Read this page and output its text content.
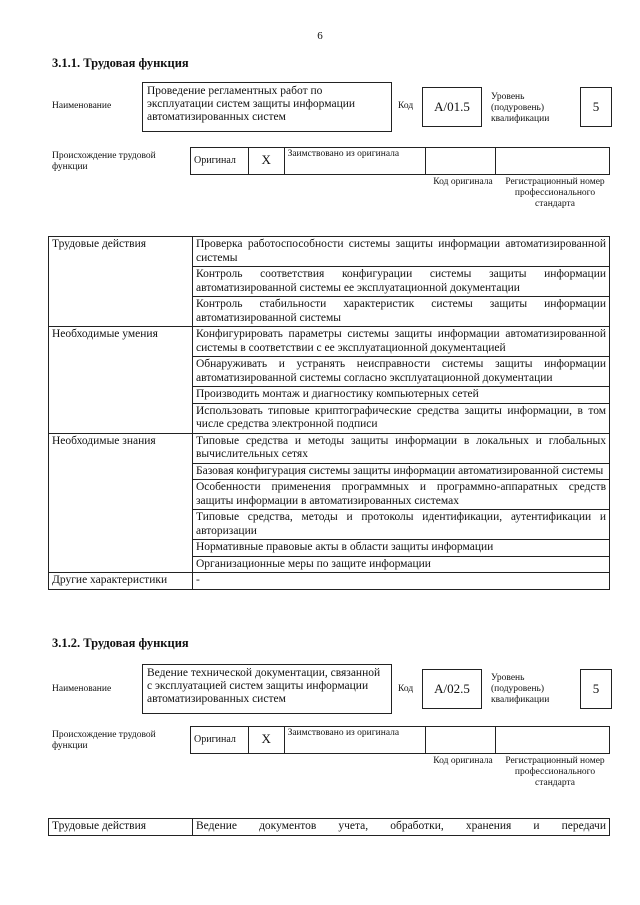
6
3.1.1. Трудовая функция
Наименование
Проведение регламентных работ по эксплуатации систем защиты информации автоматизированных систем
Код	А/01.5
Уровень (подуровень) квалификации
5
Происхождение трудовой функции
Оригинал	X	Заимствовано из оригинала
Код оригинала	Регистрационный номер профессионального стандарта
Трудовые действия	Проверка работоспособности системы защиты информации автоматизированной системы
	Контроль соответствия конфигурации системы защиты информации автоматизированной системы ее эксплуатационной документации
	Контроль стабильности характеристик системы защиты информации автоматизированной системы
Необходимые умения	Конфигурировать параметры системы защиты информации автоматизированной системы в соответствии с ее эксплуатационной документацией
	Обнаруживать и устранять неисправности системы защиты информации автоматизированной системы согласно эксплуатационной документации
	Производить монтаж и диагностику компьютерных сетей
	Использовать типовые криптографические средства защиты информации, в том числе средства электронной подписи
Необходимые знания	Типовые средства и методы защиты информации в локальных и глобальных вычислительных сетях
	Базовая конфигурация системы защиты информации автоматизированной системы
	Особенности применения программных и программно-аппаратных средств защиты информации в автоматизированных системах
	Типовые средства, методы и протоколы идентификации, аутентификации и авторизации
	Нормативные правовые акты в области защиты информации
	Организационные меры по защите информации
Другие характеристики	-
3.1.2. Трудовая функция
Наименование
Ведение технической документации, связанной с эксплуатацией систем защиты информации автоматизированных систем
Код	А/02.5
Уровень (подуровень) квалификации
5
Происхождение трудовой функции
Оригинал	X	Заимствовано из оригинала
Код оригинала	Регистрационный номер профессионального стандарта
Трудовые действия	Ведение документов учета, обработки, хранения и передачи
